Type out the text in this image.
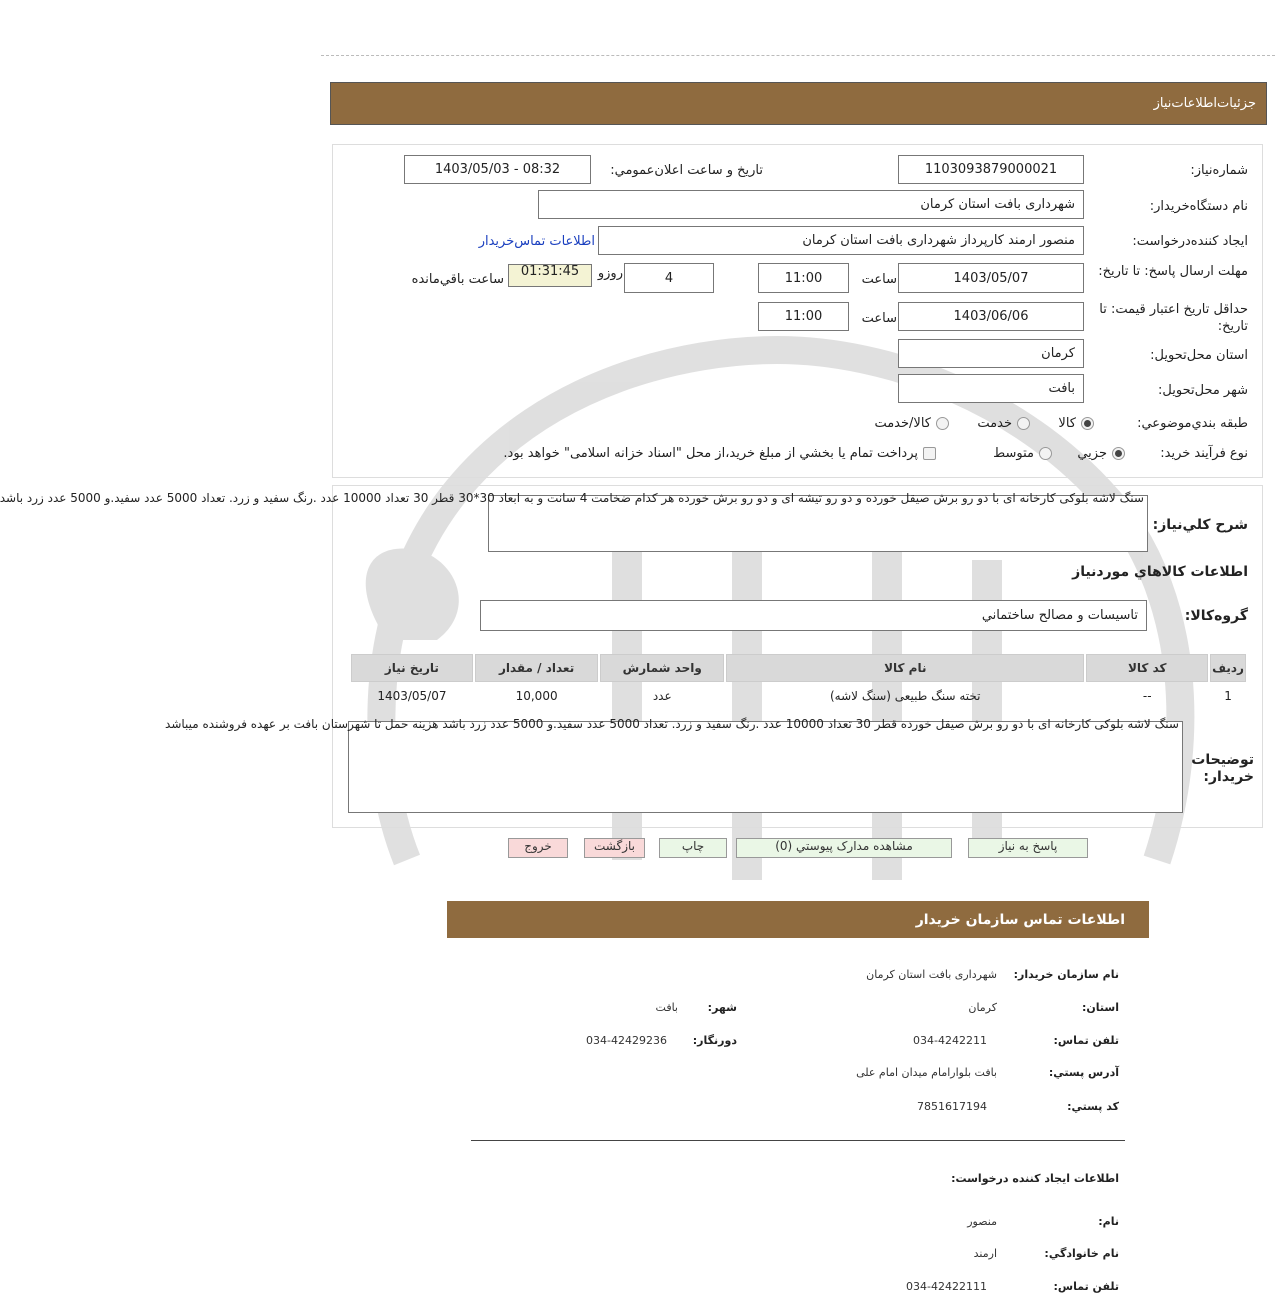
جزئيات‌اطلاعات‌نياز
شماره‌نياز:
1103093879000021
تاريخ و ساعت اعلان‌عمومي:
1403/05/03 - 08:32
نام دستگاه‌خريدار:
شهرداری بافت استان کرمان
ايجاد کننده‌درخواست:
منصور ارمند کارپرداز شهرداری بافت استان کرمان
اطلاعات تماس‌خريدار
مهلت ارسال پاسخ: تا تاريخ:
1403/05/07
ساعت
11:00
4
روزو
01:31:45
ساعت باقي‌مانده
حداقل تاريخ اعتبار قيمت: تا تاريخ:
1403/06/06
ساعت
11:00
استان محل‌تحويل:
کرمان
شهر محل‌تحويل:
بافت
طبقه بندي‌موضوعي:
کالا
خدمت
کالا/خدمت
نوع فرآيند خريد:
جزيي
متوسط
پرداخت تمام يا بخشي از مبلغ خريد،از محل "اسناد خزانه اسلامی" خواهد بود.
شرح کلي‌نياز:
سنگ لاشه بلوکی کارخانه ای با دو رو برش صیقل خورده و دو رو تیشه ای و دو رو برش خورده هر کدام ضخامت 4 سانت و به ابعاد 30*30 قطر 30 تعداد 10000 عدد .رنگ سفید و زرد. تعداد 5000 عدد سفید.و 5000 عدد زرد باشد
اطلاعات کالاهاي مورد‌نياز
گروه‌کالا:
تاسيسات و مصالح ساختماني
رديف	کد کالا	نام کالا	واحد شمارش	تعداد / مقدار	تاريخ نياز
1	--	تخته سنگ طبیعی (سنگ لاشه)	عدد	10,000	1403/05/07
توضيحات خريدار:
سنگ لاشه بلوکی کارخانه ای با دو رو برش صیقل خورده قطر 30 تعداد 10000 عدد .رنگ سفید و زرد. تعداد 5000 عدد سفید.و 5000 عدد زرد باشد هزینه حمل تا شهرستان بافت بر عهده فروشنده میباشد
پاسخ به نياز
مشاهده مدارک پيوستي (0)
چاپ
بازگشت
خروج
اطلاعات تماس سازمان خريدار
نام سازمان خريدار:
شهرداری بافت استان کرمان
استان:
کرمان
شهر:
بافت
تلفن تماس:
034-4242211
دورنگار:
034-42429236
آدرس پستي:
بافت بلوارامام میدان امام علی
کد پستي:
7851617194
اطلاعات ايجاد کننده درخواست:
نام:
منصور
نام خانوادگي:
ارمند
تلفن تماس:
034-42422111
